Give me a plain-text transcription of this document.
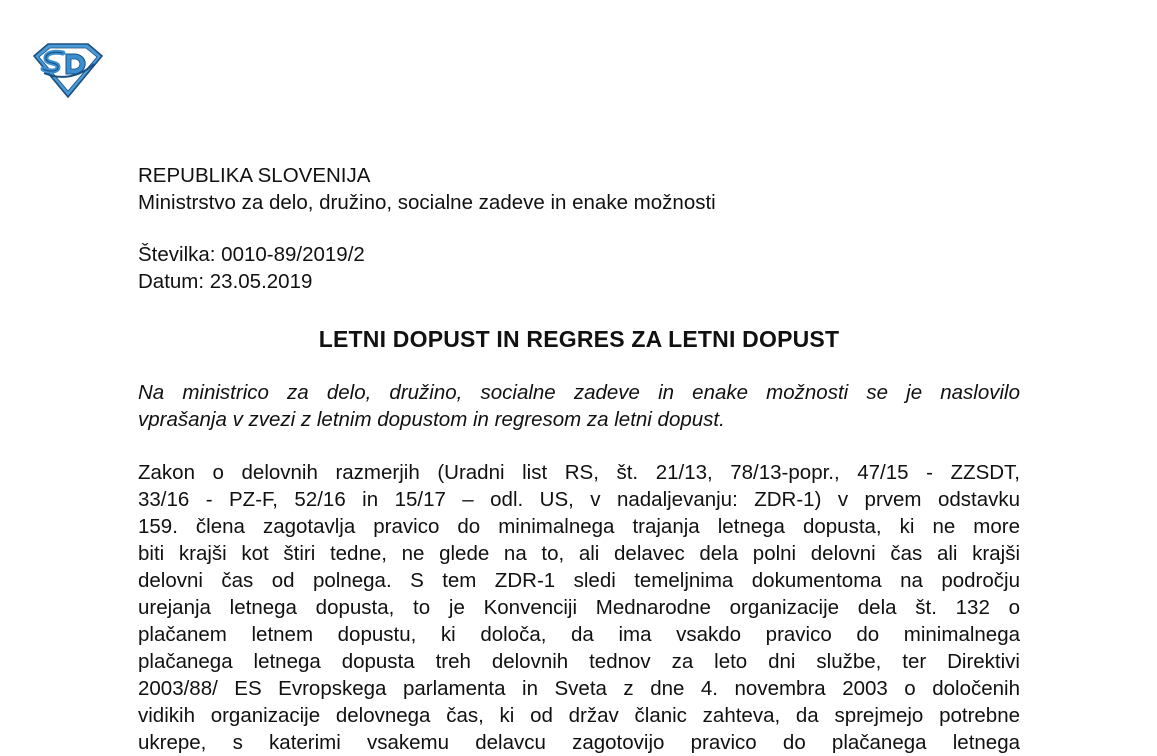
REPUBLIKA SLOVENIJA
Ministrstvo za delo, družino, socialne zadeve in enake možnosti
Številka: 0010-89/2019/2
Datum: 23.05.2019
LETNI DOPUST IN REGRES ZA LETNI DOPUST
Na ministrico za delo, družino, socialne zadeve in enake možnosti se je naslovilo
vprašanja v zvezi z letnim dopustom in regresom za letni dopust.
Zakon o delovnih razmerjih (Uradni list RS, št. 21/13, 78/13-popr., 47/15 - ZZSDT,
33/16 - PZ-F, 52/16 in 15/17 – odl. US, v nadaljevanju: ZDR-1) v prvem odstavku
159. člena zagotavlja pravico do minimalnega trajanja letnega dopusta, ki ne more
biti krajši kot štiri tedne, ne glede na to, ali delavec dela polni delovni čas ali krajši
delovni čas od polnega. S tem ZDR-1 sledi temeljnima dokumentoma na področju
urejanja letnega dopusta, to je Konvenciji Mednarodne organizacije dela št. 132 o
plačanem letnem dopustu, ki določa, da ima vsakdo pravico do minimalnega
plačanega letnega dopusta treh delovnih tednov za leto dni službe, ter Direktivi
2003/88/ ES Evropskega parlamenta in Sveta z dne 4. novembra 2003 o določenih
vidikih organizacije delovnega čas, ki od držav članic zahteva, da sprejmejo potrebne
ukrepe, s katerimi vsakemu delavcu zagotovijo pravico do plačanega letnega
